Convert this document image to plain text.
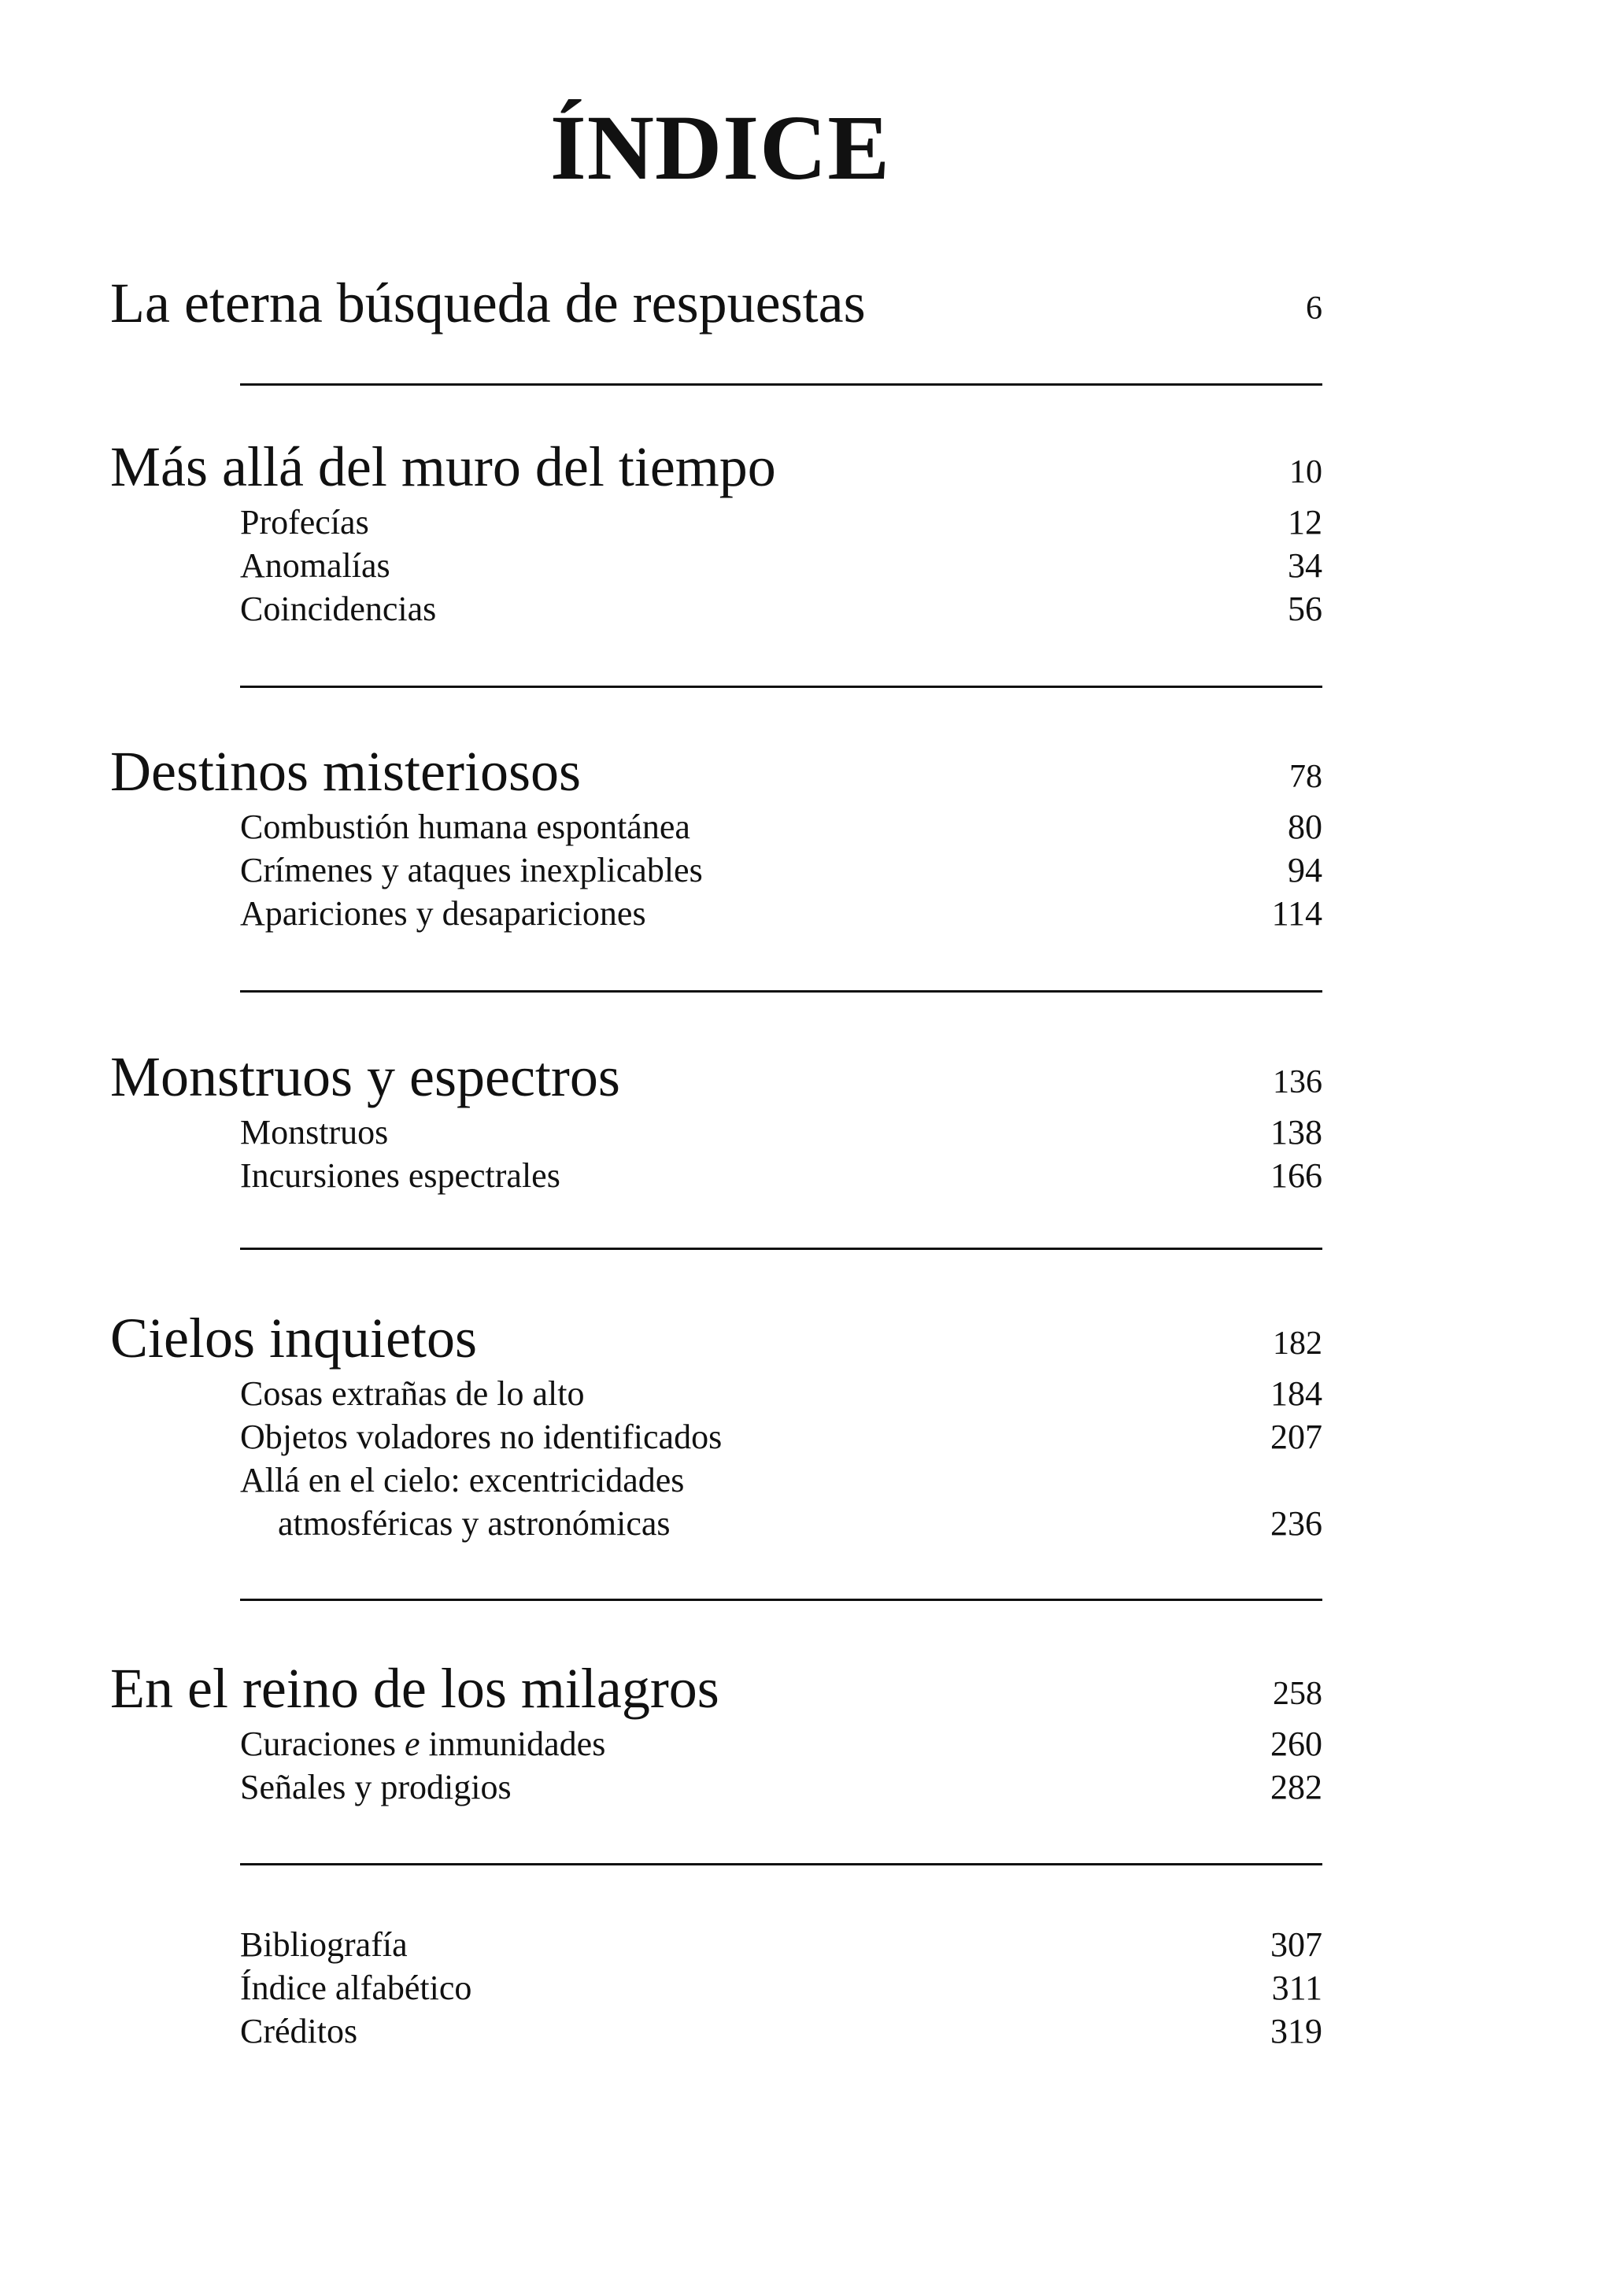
ÍNDICE
La eterna búsqueda de respuestas	6
Más allá del muro del tiempo	10
Profecías	12
Anomalías	34
Coincidencias	56
Destinos misteriosos	78
Combustión humana espontánea	80
Crímenes y ataques inexplicables	94
Apariciones y desapariciones	114
Monstruos y espectros	136
Monstruos	138
Incursiones espectrales	166
Cielos inquietos	182
Cosas extrañas de lo alto	184
Objetos voladores no identificados	207
Allá en el cielo: excentricidades
atmosféricas y astronómicas	236
En el reino de los milagros	258
Curaciones e inmunidades	260
Señales y prodigios	282
Bibliografía	307
Índice alfabético	311
Créditos	319
